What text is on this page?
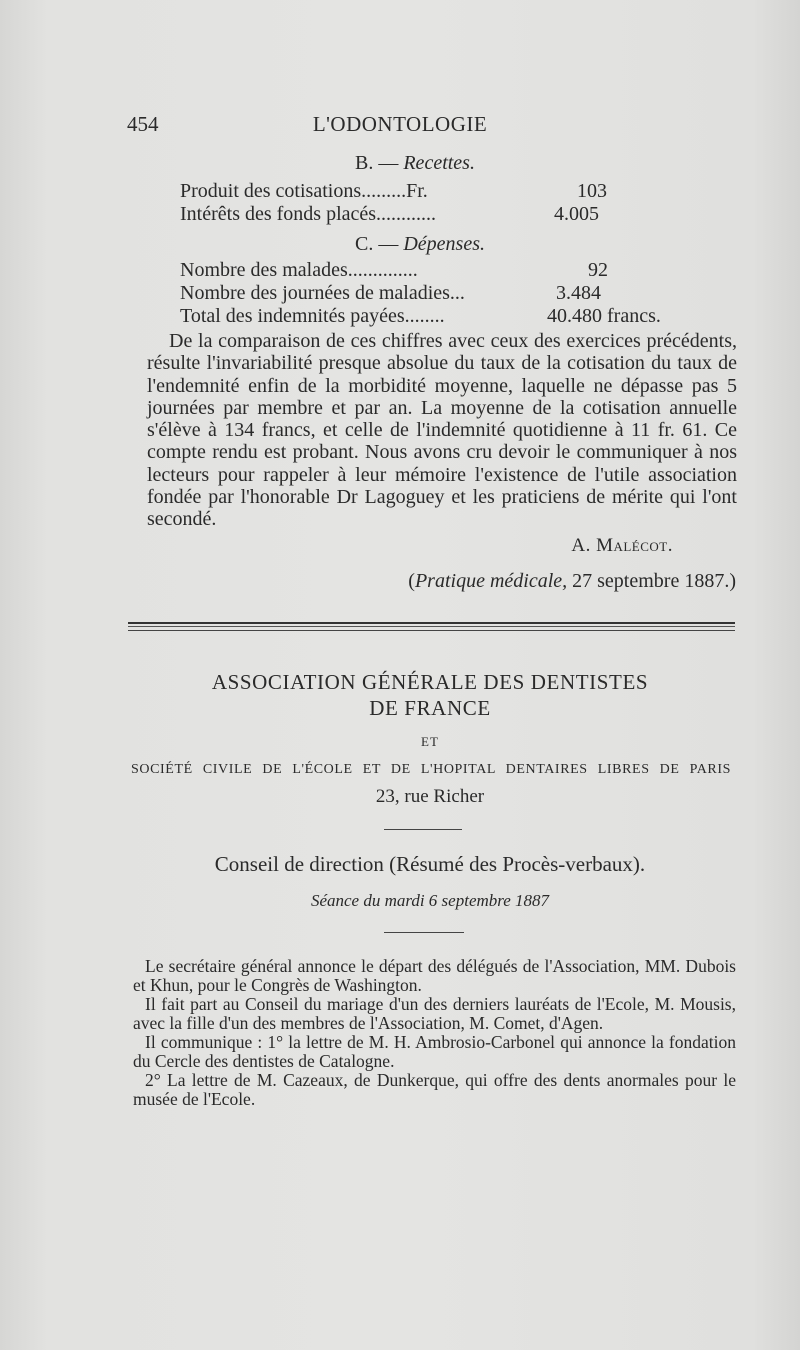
454	L'ODONTOLOGIE
B. — Recettes.
Produit des cotisations.........Fr.	103
Intérêts des fonds placés............	4.005
C. — Dépenses.
Nombre des malades..............	92
Nombre des journées de maladies...	3.484
Total des indemnités payées........	40.480 francs.

De la comparaison de ces chiffres avec ceux des exercices précédents, résulte l'invariabilité presque absolue du taux de la cotisation du taux de l'endemnité enfin de la morbidité moyenne, laquelle ne dépasse pas 5 journées par membre et par an. La moyenne de la cotisation annuelle s'élève à 134 francs, et celle de l'indemnité quotidienne à 11 fr. 61. Ce compte rendu est probant. Nous avons cru devoir le communiquer à nos lecteurs pour rappeler à leur mémoire l'existence de l'utile association fondée par l'honorable Dr Lagoguey et les praticiens de mérite qui l'ont secondé.

A. Malécot.
(Pratique médicale, 27 septembre 1887.)
ASSOCIATION GÉNÉRALE DES DENTISTES
DE FRANCE
ET
SOCIÉTÉ CIVILE DE L'ÉCOLE ET DE L'HOPITAL DENTAIRES LIBRES DE PARIS
23, rue Richer
Conseil de direction (Résumé des Procès-verbaux).
Séance du mardi 6 septembre 1887

Le secrétaire général annonce le départ des délégués de l'Association, MM. Dubois et Khun, pour le Congrès de Washington.

Il fait part au Conseil du mariage d'un des derniers lauréats de l'Ecole, M. Mousis, avec la fille d'un des membres de l'Association, M. Comet, d'Agen.

Il communique : 1° la lettre de M. H. Ambrosio-Carbonel qui annonce la fondation du Cercle des dentistes de Catalogne.

2° La lettre de M. Cazeaux, de Dunkerque, qui offre des dents anormales pour le musée de l'Ecole.
